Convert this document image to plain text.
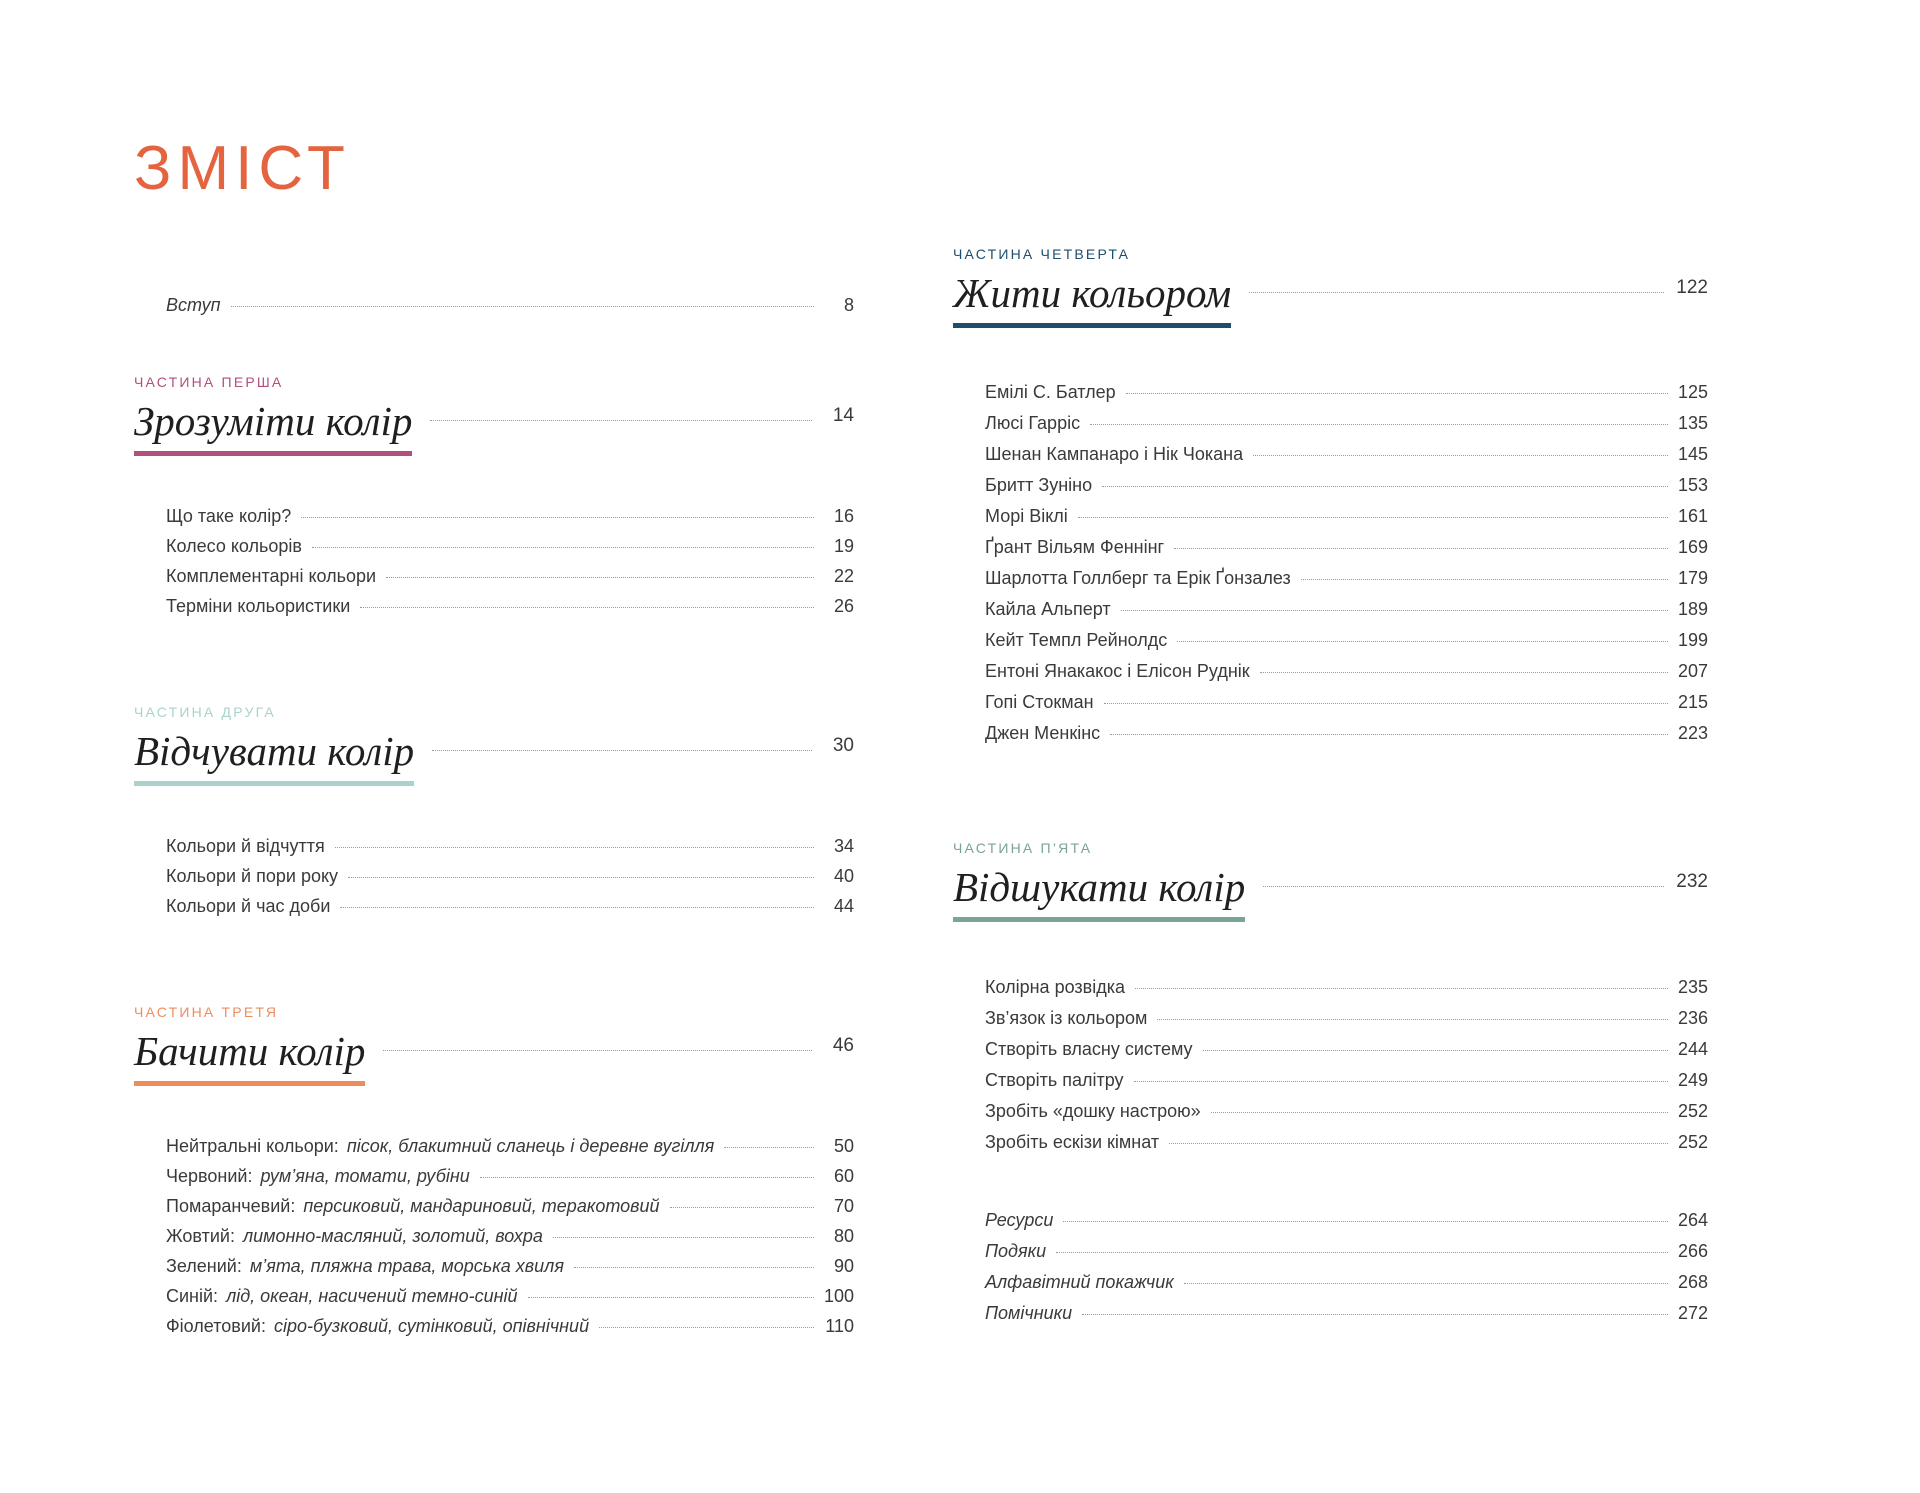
ЗМІСТ
Вступ	8
ЧАСТИНА ПЕРША
Зрозуміти колір	14
Що таке колір?	16
Колесо кольорів	19
Комплементарні кольори	22
Терміни кольористики	26
ЧАСТИНА ДРУГА
Відчувати колір	30
Кольори й відчуття	34
Кольори й пори року	40
Кольори й час доби	44
ЧАСТИНА ТРЕТЯ
Бачити колір	46
Нейтральні кольори: пісок, блакитний сланець і деревне вугілля	50
Червоний: рум’яна, томати, рубіни	60
Помаранчевий: персиковий, мандариновий, теракотовий	70
Жовтий: лимонно-масляний, золотий, вохра	80
Зелений: м’ята, пляжна трава, морська хвиля	90
Синій: лід, океан, насичений темно-синій	100
Фіолетовий: сіро-бузковий, сутінковий, опівнічний	110
ЧАСТИНА ЧЕТВЕРТА
Жити кольором	122
Емілі С. Батлер	125
Люсі Гарріс	135
Шенан Кампанаро і Нік Чокана	145
Бритт Зуніно	153
Морі Віклі	161
Ґрант Вільям Феннінг	169
Шарлотта Голлберг та Ерік Ґонзалез	179
Кайла Альперт	189
Кейт Темпл Рейнолдс	199
Ентоні Янакакос і Елісон Руднік	207
Гопі Стокман	215
Джен Менкінс	223
ЧАСТИНА П’ЯТА
Відшукати колір	232
Колірна розвідка	235
Зв’язок із кольором	236
Створіть власну систему	244
Створіть палітру	249
Зробіть «дошку настрою»	252
Зробіть ескізи кімнат	252
Ресурси	264
Подяки	266
Алфавітний покажчик	268
Помічники	272
